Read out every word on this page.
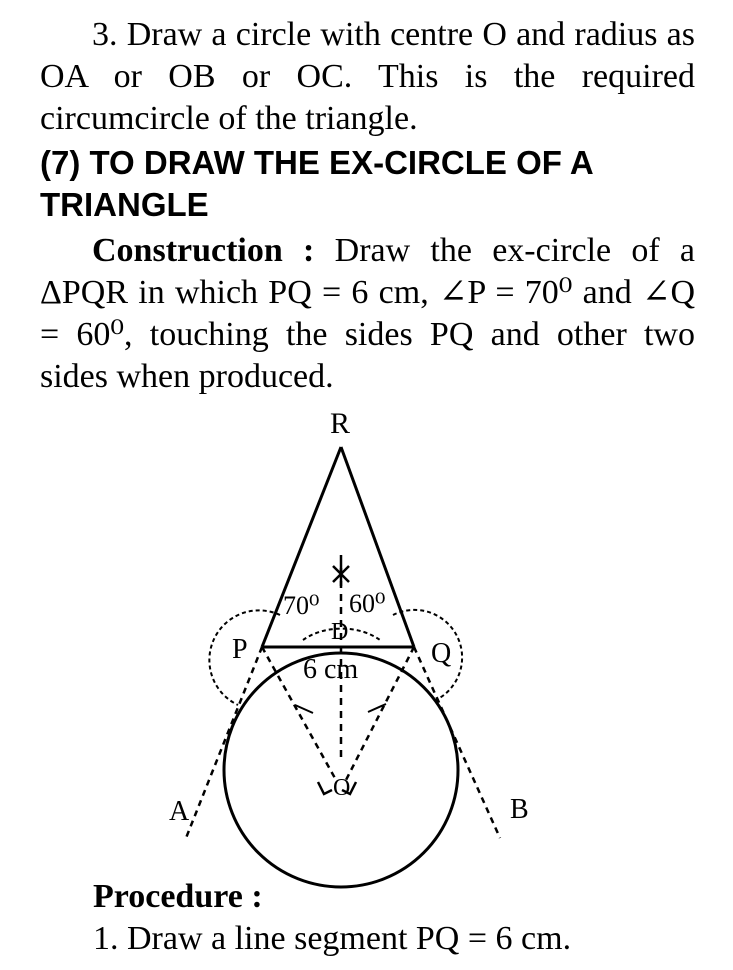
3. Draw a circle with centre O and radius as OA or OB or OC. This is the required circumcircle of the triangle.
(7) TO DRAW THE EX-CIRCLE OF A TRIANGLE
Construction : Draw the ex-circle of a ΔPQR in which PQ = 6 cm, ∠P = 70⁰ and ∠Q = 60⁰, touching the sides PQ and other two sides when produced.
R
P	Q
D
O
A	B
70⁰ 60⁰
6 cm
Procedure :
1. Draw a line segment PQ = 6 cm.
